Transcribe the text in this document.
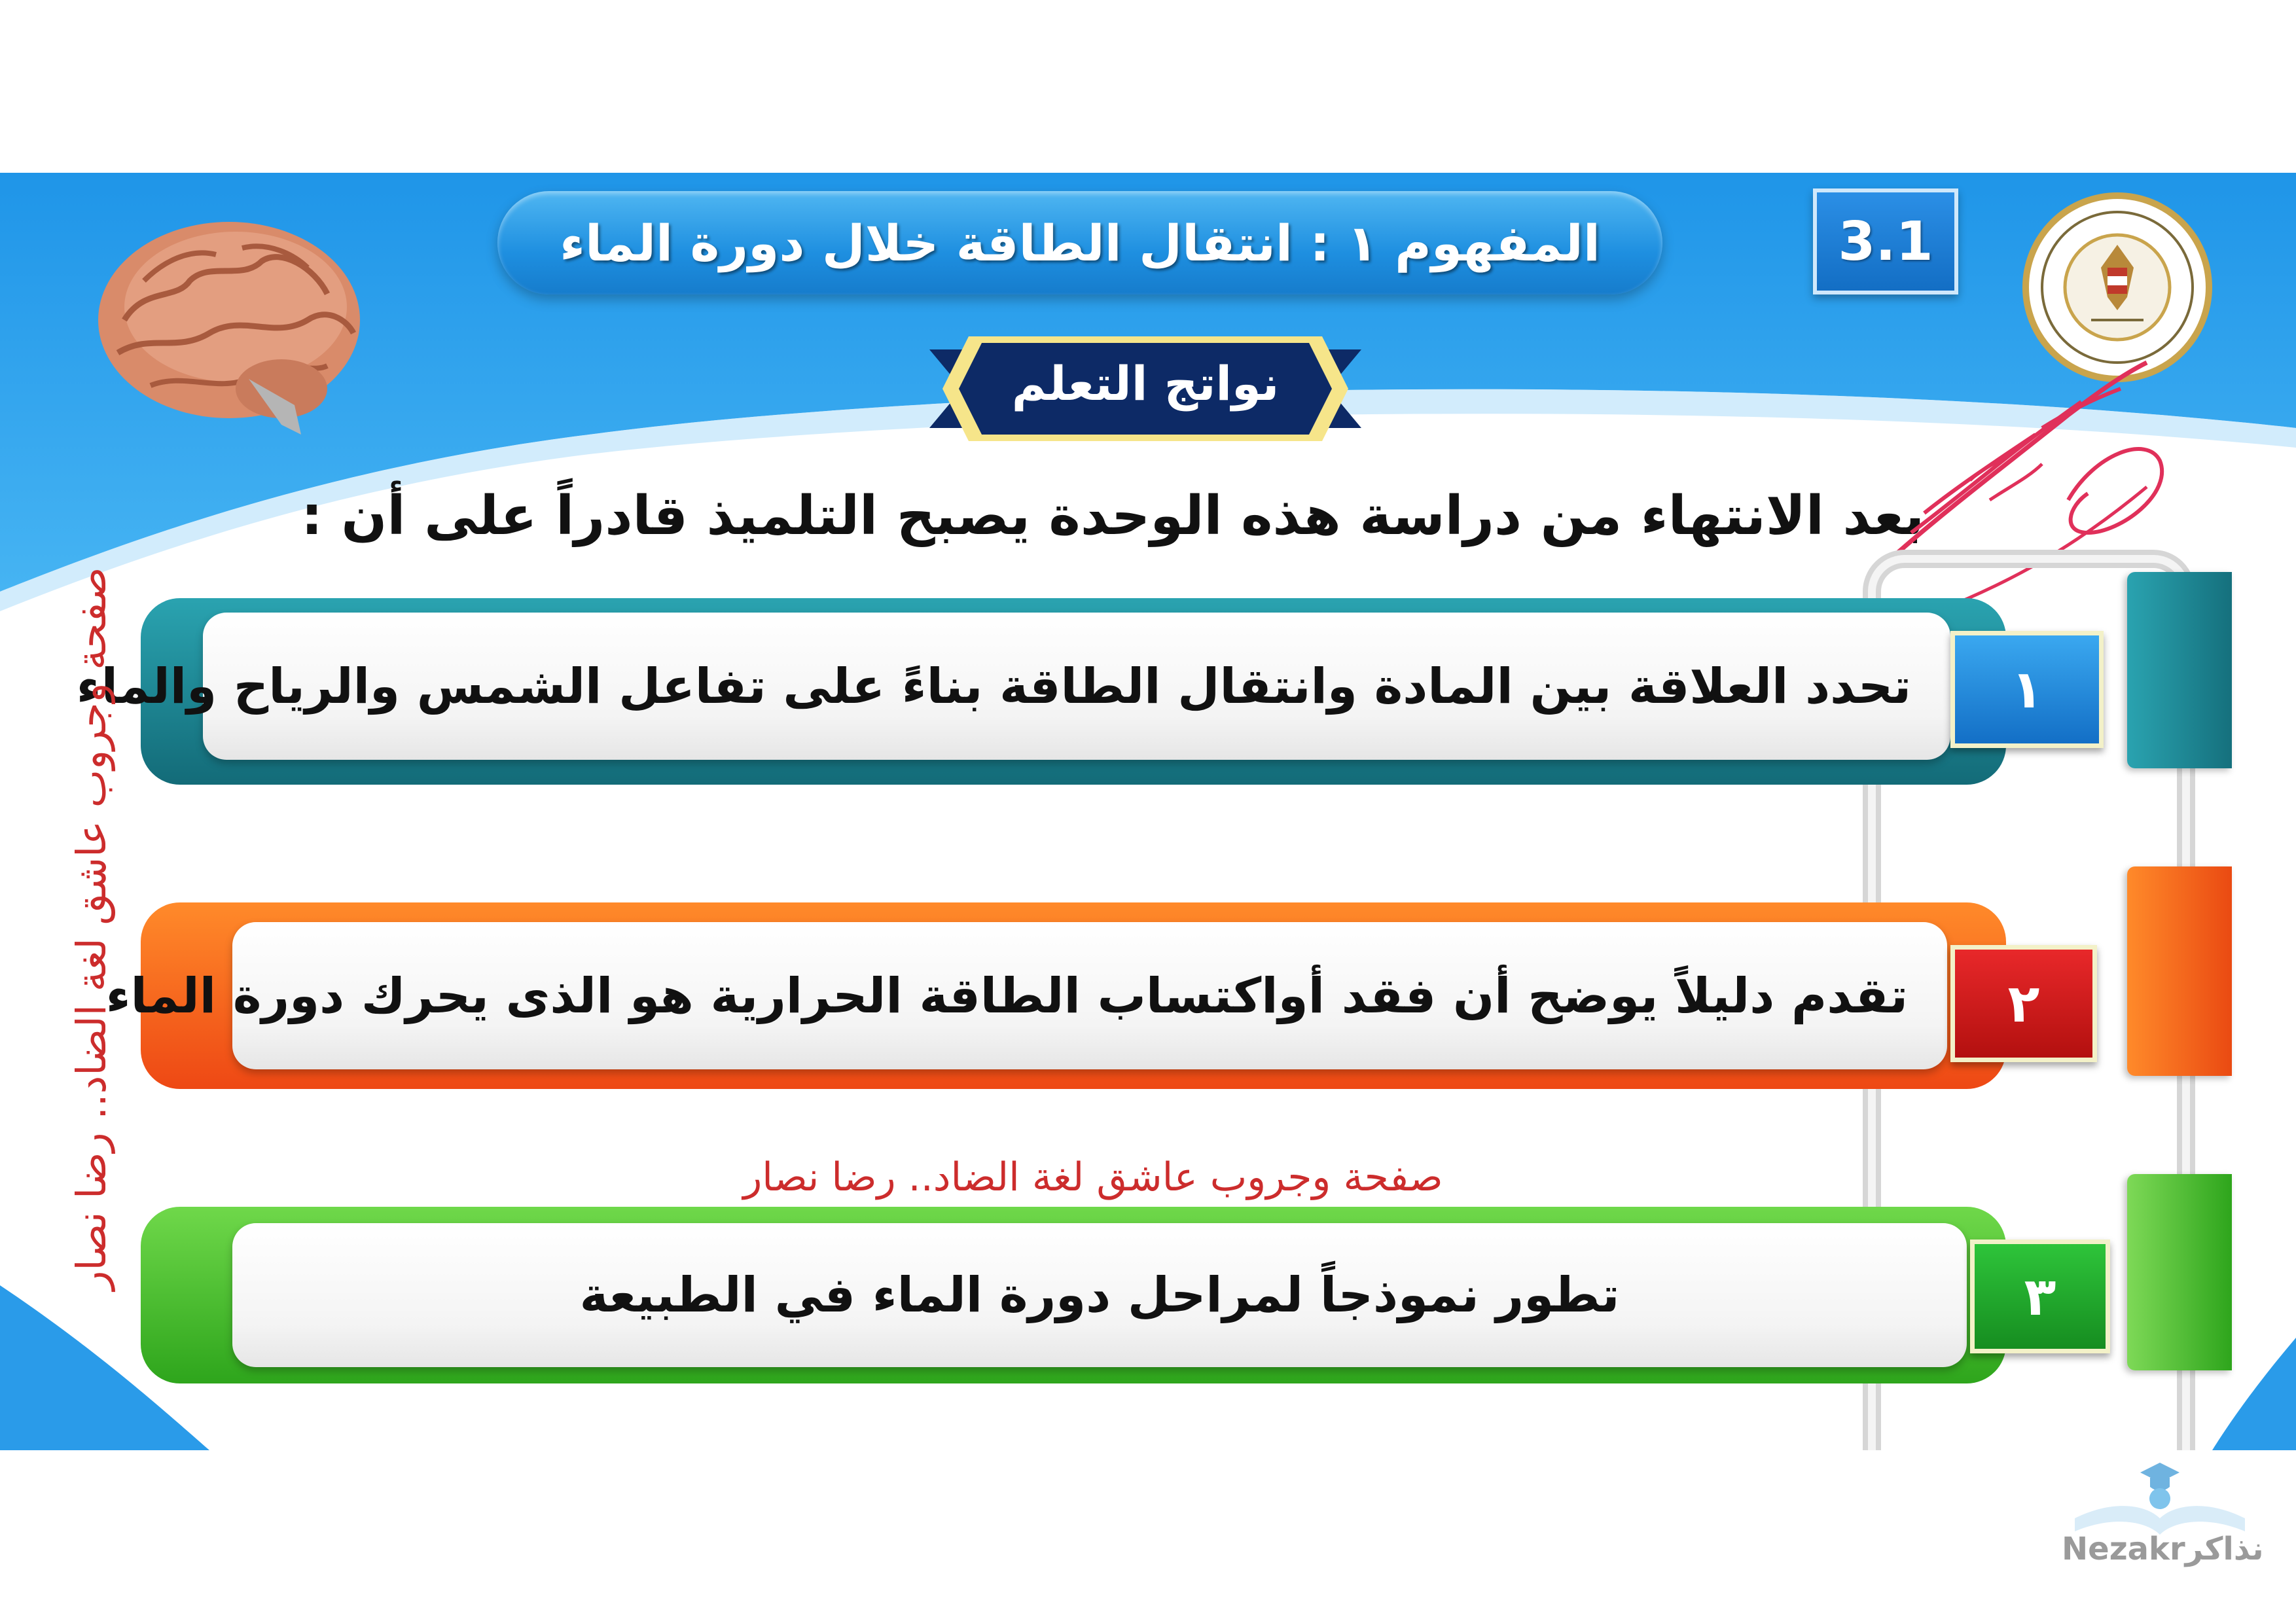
المفهوم ١ : انتقال الطاقة خلال دورة الماء	3.1
نواتج التعلم
بعد الانتهاء من دراسة هذه الوحدة يصبح التلميذ قادراً على أن :
تحدد العلاقة بين المادة وانتقال الطاقة بناءً على تفاعل الشمس والرياح والماء ١
تقدم دليلاً يوضح أن فقد أواكتساب الطاقة الحرارية هو الذى يحرك دورة الماء ٢
صفحة وجروب عاشق لغة الضاد.. رضا نصار
تطور نموذجاً لمراحل دورة الماء في الطبيعة	٣
صفحة وجروب عاشق لغة الضاد.. رضا نصار
Nezakrنذاكر
